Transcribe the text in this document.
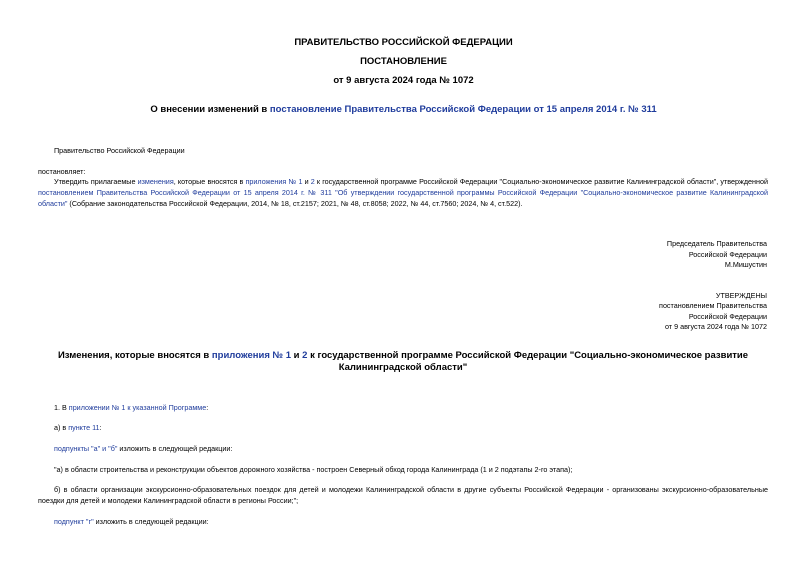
ПРАВИТЕЛЬСТВО РОССИЙСКОЙ ФЕДЕРАЦИИ
ПОСТАНОВЛЕНИЕ
от 9 августа 2024 года № 1072
О внесении изменений в постановление Правительства Российской Федерации от 15 апреля 2014 г. № 311
Правительство Российской Федерации
постановляет:
Утвердить прилагаемые изменения, которые вносятся в приложения № 1 и 2 к государственной программе Российской Федерации "Социально-экономическое развитие Калининградской области", утвержденной постановлением Правительства Российской Федерации от 15 апреля 2014 г. № 311 "Об утверждении государственной программы Российской Федерации "Социально-экономическое развитие Калининградской области" (Собрание законодательства Российской Федерации, 2014, № 18, ст.2157; 2021, № 48, ст.8058; 2022, № 44, ст.7560; 2024, № 4, ст.522).
Председатель Правительства
Российской Федерации
М.Мишустин
УТВЕРЖДЕНЫ
постановлением Правительства
Российской Федерации
от 9 августа 2024 года № 1072
Изменения, которые вносятся в приложения № 1 и 2 к государственной программе Российской Федерации "Социально-экономическое развитие Калининградской области"
1. В приложении № 1 к указанной Программе:
а) в пункте 11:
подпункты "а" и "б" изложить в следующей редакции:
"а) в области строительства и реконструкции объектов дорожного хозяйства - построен Северный обход города Калининграда (1 и 2 подэтапы 2-го этапа);
б) в области организации экскурсионно-образовательных поездок для детей и молодежи Калининградской области в другие субъекты Российской Федерации - организованы экскурсионно-образовательные поездки для детей и молодежи Калининградской области в регионы России;";
подпункт "г" изложить в следующей редакции:
